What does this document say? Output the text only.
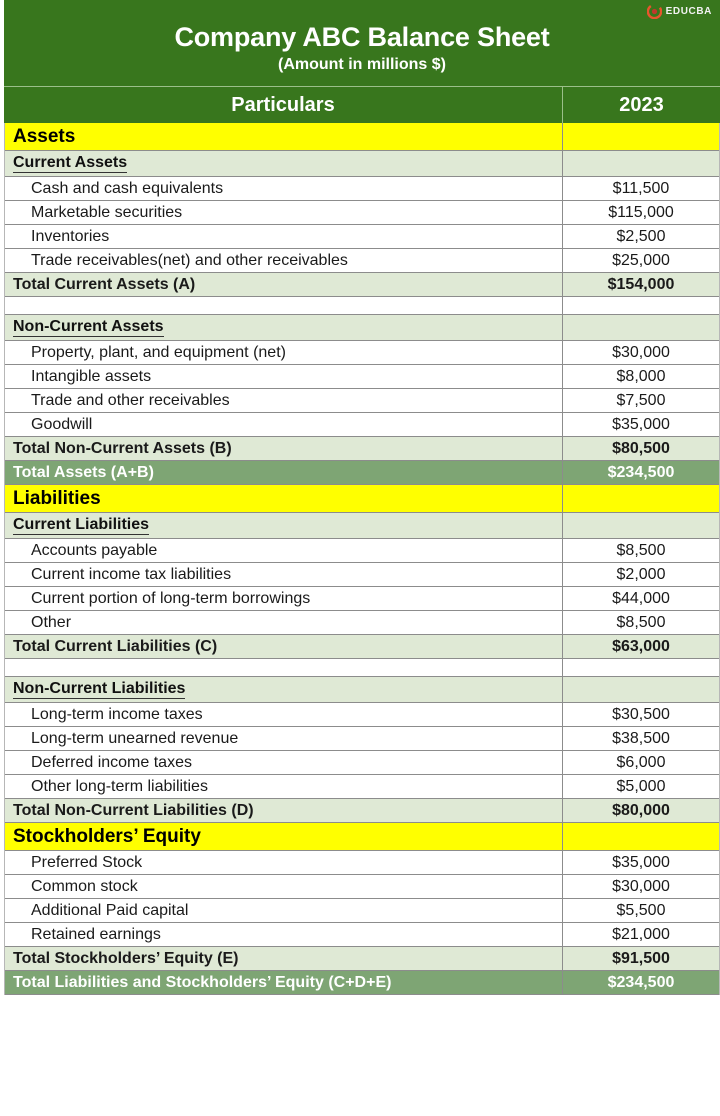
EDUCBA
Company ABC Balance Sheet
(Amount in millions $)
Particulars	2023
Assets
Current Assets
Cash and cash equivalents	$11,500
Marketable securities	$115,000
Inventories	$2,500
Trade receivables(net) and other receivables	$25,000
Total Current Assets (A)	$154,000
Non-Current Assets
Property, plant, and equipment (net)	$30,000
Intangible assets	$8,000
Trade and other receivables	$7,500
Goodwill	$35,000
Total Non-Current Assets (B)	$80,500
Total Assets (A+B)	$234,500
Liabilities
Current Liabilities
Accounts payable	$8,500
Current income tax liabilities	$2,000
Current portion of long-term borrowings	$44,000
Other	$8,500
Total Current Liabilities (C)	$63,000
Non-Current Liabilities
Long-term income taxes	$30,500
Long-term unearned revenue	$38,500
Deferred income taxes	$6,000
Other long-term liabilities	$5,000
Total Non-Current Liabilities (D)	$80,000
Stockholders’ Equity
Preferred Stock	$35,000
Common stock	$30,000
Additional Paid capital	$5,500
Retained earnings	$21,000
Total Stockholders’ Equity (E)	$91,500
Total Liabilities and Stockholders’ Equity (C+D+E)	$234,500
